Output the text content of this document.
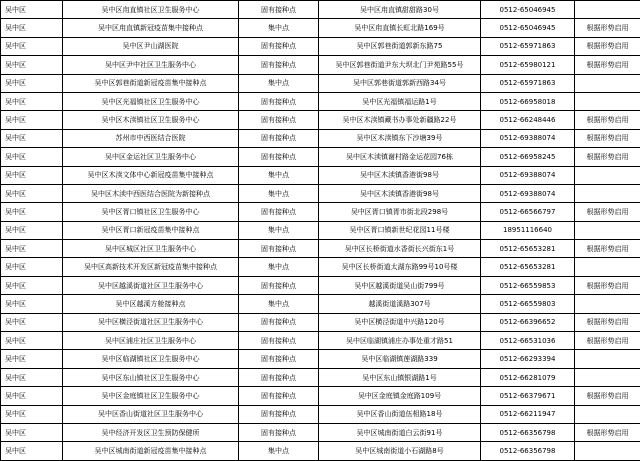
吴中区	吴中区甪直镇社区卫生服务中心	固有接种点	吴中区甪直镇甜甜路30号	0512-65046945	
吴中区	吴中区甪直镇新冠疫苗集中接种点	集中点	吴中区甪直镇长虹北路169号	0512-65046945	根据形势启用
吴中区	吴中区尹山湖医院	固有接种点	吴中区郭巷街道郭新东路75	0512-65971863	根据形势启用
吴中区	吴中区尹中社区卫生服务中心	固有接种点	吴中区郭巷街道尹东大坝北门尹苑路55号	0512-65980121	根据形势启用
吴中区	吴中区郭巷街道新冠疫苗集中接种点	集中点	吴中区郭巷街道郭新西路34号	0512-65971863	
吴中区	吴中区光福镇社区卫生服务中心	固有接种点	吴中区光福镇福运路1号	0512-66958018	
吴中区	吴中区木渎镇社区卫生服务中心	固有接种点	吴中区木渎镇藏书办事处新疆路22号	0512-66248446	根据形势启用
吴中区	苏州市中西医结合医院	固有接种点	吴中区木渎镇东下沙塘39号	0512-69388074	根据形势启用
吴中区	吴中区金运社区卫生服务中心	固有接种点	吴中区木渎镇谢村路金运花园76栋	0512-66958245	根据形势启用
吴中区	吴中区木渎文体中心新冠疫苗集中接种点	集中点	吴中区木渎镇香港街98号	0512-69388074	
吴中区	吴中区木渎中西医结合医院为新接种点	集中点	吴中区木渎镇香港街98号	0512-69388074	
吴中区	吴中区胥口镇社区卫生服务中心	固有接种点	吴中区胥口镇胥市街北段298号	0512-66566797	根据形势启用
吴中区	吴中区胥口新冠疫苗集中接种点	集中点	吴中区胥口镇新世纪花园11号楼	18951116640	
吴中区	吴中区城区社区卫生服务中心	固有接种点	吴中区长桥街道水香街长兴街东1号	0512-65653281	根据形势启用
吴中区	吴中区高新技术开发区新冠疫苗集中接种点	集中点	吴中区长桥街道太湖东路99号10号楼	0512-65653281	
吴中区	吴中区越溪街道社区卫生服务中心	固有接种点	吴中区越溪街道吴山街799号	0512-66559853	根据形势启用
吴中区	吴中区越溪方舱接种点	集中点	越溪街道溪路307号	0512-66559803	
吴中区	吴中区横泾街道社区卫生服务中心	固有接种点	吴中区横泾街道中兴路120号	0512-66396652	根据形势启用
吴中区	吴中区浦庄社区卫生服务中心	固有接种点	吴中区临湖镇浦庄办事处重才路51	0512-66531036	根据形势启用
吴中区	吴中区临湖镇社区卫生服务中心	固有接种点	吴中区临湖镇莲湖路339	0512-66293394	
吴中区	吴中区东山镇社区卫生服务中心	固有接种点	吴中区东山镇银湖路1号	0512-66281079	
吴中区	吴中区金庭镇社区卫生服务中心	固有接种点	吴中区金庭镇金庭路109号	0512-66379671	根据形势启用
吴中区	吴中区香山街道社区卫生服务中心	固有接种点	吴中区香山街道伍相路18号	0512-66211947	
吴中区	吴中经济开发区卫生预防保健所	固有接种点	吴中区城南街道白云街91号	0512-66356798	根据形势启用
吴中区	吴中区城南街道新冠疫苗集中接种点	集中点	吴中区城南街道小石湖路8号	0512-66356798	
